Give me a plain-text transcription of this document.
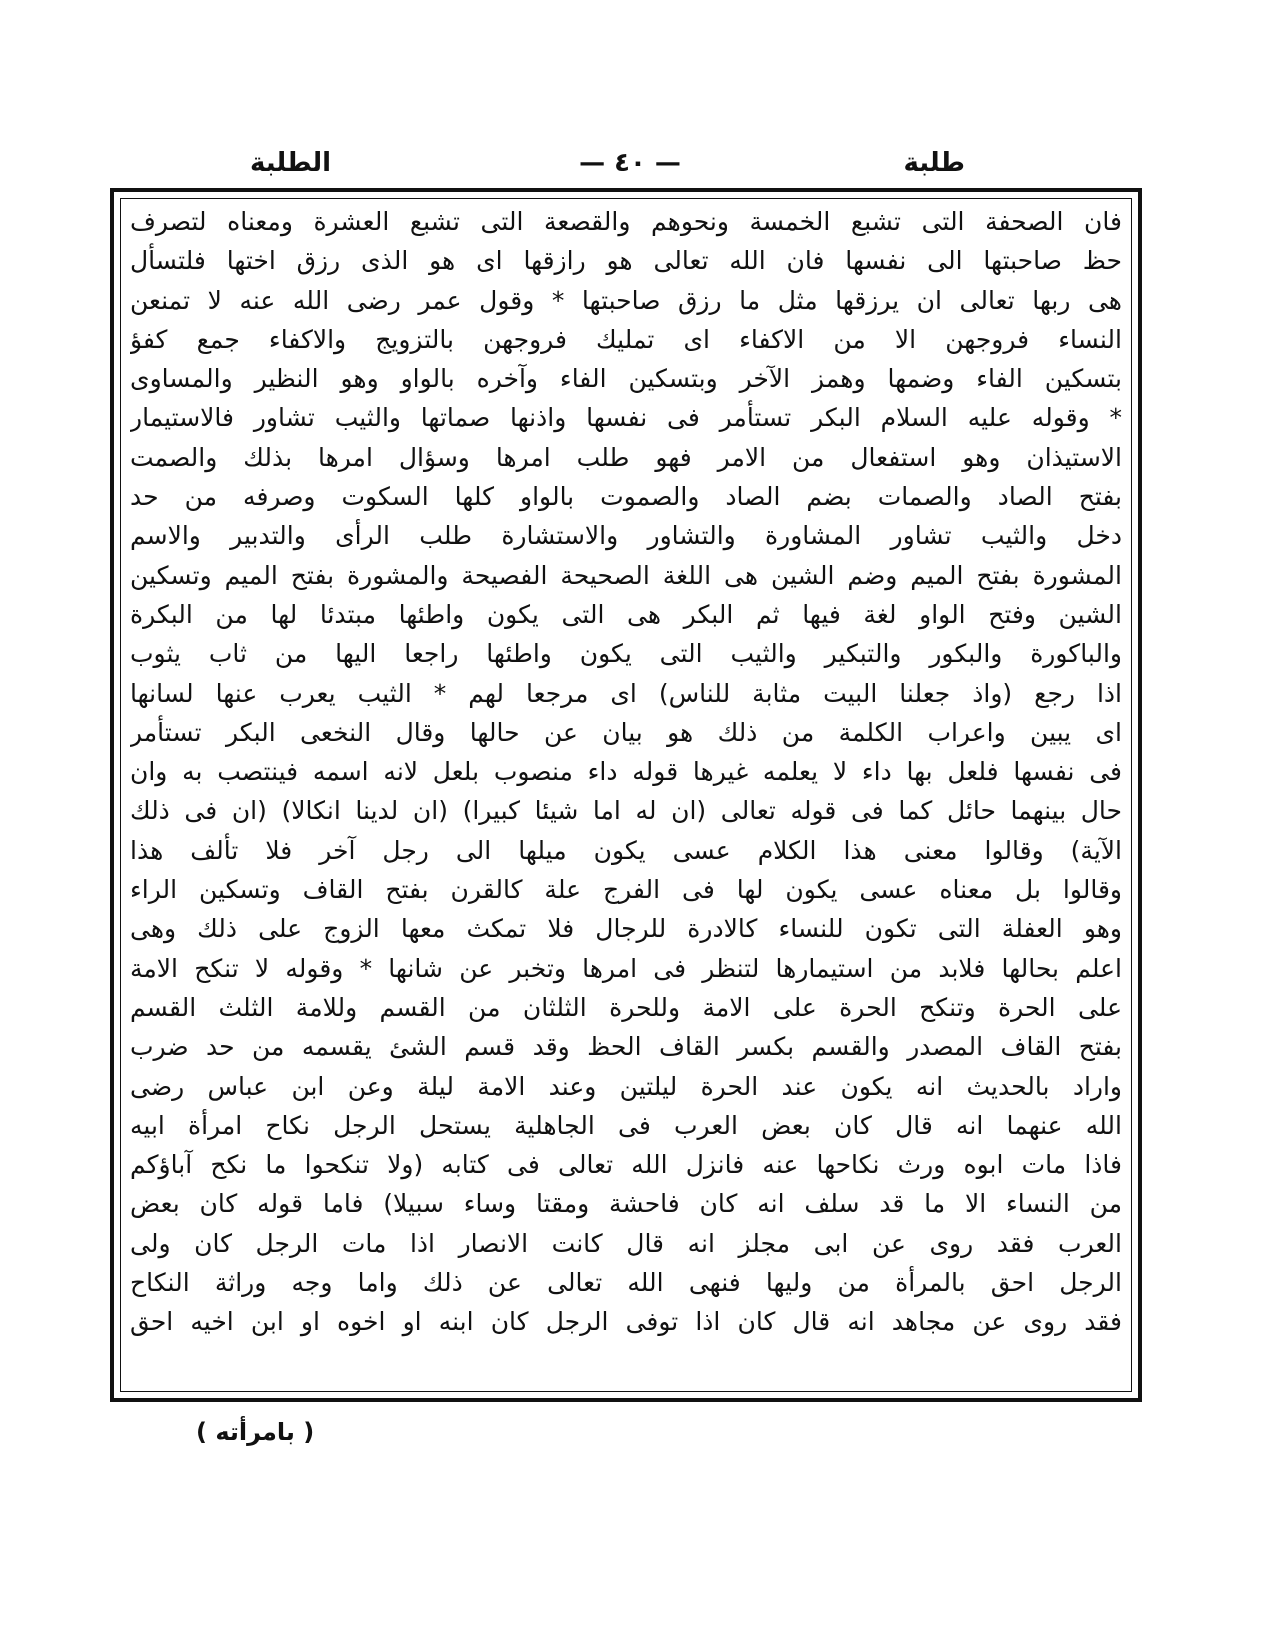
طلبة
— ٤٠ —
الطلبة
فان الصحفة التى تشبع الخمسة ونحوهم والقصعة التى تشبع العشرة ومعناه لتصرف
حظ صاحبتها الى نفسها فان الله تعالى هو رازقها اى هو الذى رزق اختها فلتسأل
هى ربها تعالى ان يرزقها مثل ما رزق صاحبتها * وقول عمر رضى الله عنه لا تمنعن
النساء فروجهن الا من الاكفاء اى تمليك فروجهن بالتزويج والاكفاء جمع كفؤ
بتسكين الفاء وضمها وهمز الآخر وبتسكين الفاء وآخره بالواو وهو النظير والمساوى
* وقوله عليه السلام البكر تستأمر فى نفسها واذنها صماتها والثيب تشاور فالاستيمار
الاستيذان وهو استفعال من الامر فهو طلب امرها وسؤال امرها بذلك والصمت
بفتح الصاد والصمات بضم الصاد والصموت بالواو كلها السكوت وصرفه من حد
دخل والثيب تشاور المشاورة والتشاور والاستشارة طلب الرأى والتدبير والاسم
المشورة بفتح الميم وضم الشين هى اللغة الصحيحة الفصيحة والمشورة بفتح الميم وتسكين
الشين وفتح الواو لغة فيها ثم البكر هى التى يكون واطئها مبتدئا لها من البكرة
والباكورة والبكور والتبكير والثيب التى يكون واطئها راجعا اليها من ثاب يثوب
اذا رجع (واذ جعلنا البيت مثابة للناس) اى مرجعا لهم * الثيب يعرب عنها لسانها
اى يبين واعراب الكلمة من ذلك هو بيان عن حالها وقال النخعى البكر تستأمر
فى نفسها فلعل بها داء لا يعلمه غيرها قوله داء منصوب بلعل لانه اسمه فينتصب به وان
حال بينهما حائل كما فى قوله تعالى (ان له اما شيئا كبيرا) (ان لدينا انكالا) (ان فى ذلك
الآية) وقالوا معنى هذا الكلام عسى يكون ميلها الى رجل آخر فلا تألف هذا
وقالوا بل معناه عسى يكون لها فى الفرج علة كالقرن بفتح القاف وتسكين الراء
وهو العفلة التى تكون للنساء كالادرة للرجال فلا تمكث معها الزوج على ذلك وهى
اعلم بحالها فلابد من استيمارها لتنظر فى امرها وتخبر عن شانها * وقوله لا تنكح الامة
على الحرة وتنكح الحرة على الامة وللحرة الثلثان من القسم وللامة الثلث القسم
بفتح القاف المصدر والقسم بكسر القاف الحظ وقد قسم الشئ يقسمه من حد ضرب
واراد بالحديث انه يكون عند الحرة ليلتين وعند الامة ليلة وعن ابن عباس رضى
الله عنهما انه قال كان بعض العرب فى الجاهلية يستحل الرجل نكاح امرأة ابيه
فاذا مات ابوه ورث نكاحها عنه فانزل الله تعالى فى كتابه (ولا تنكحوا ما نكح آباؤكم
من النساء الا ما قد سلف انه كان فاحشة ومقتا وساء سبيلا) فاما قوله كان بعض
العرب فقد روى عن ابى مجلز انه قال كانت الانصار اذا مات الرجل كان ولى
الرجل احق بالمرأة من وليها فنهى الله تعالى عن ذلك واما وجه وراثة النكاح
فقد روى عن مجاهد انه قال كان اذا توفى الرجل كان ابنه او اخوه او ابن اخيه احق
( بامرأته )
